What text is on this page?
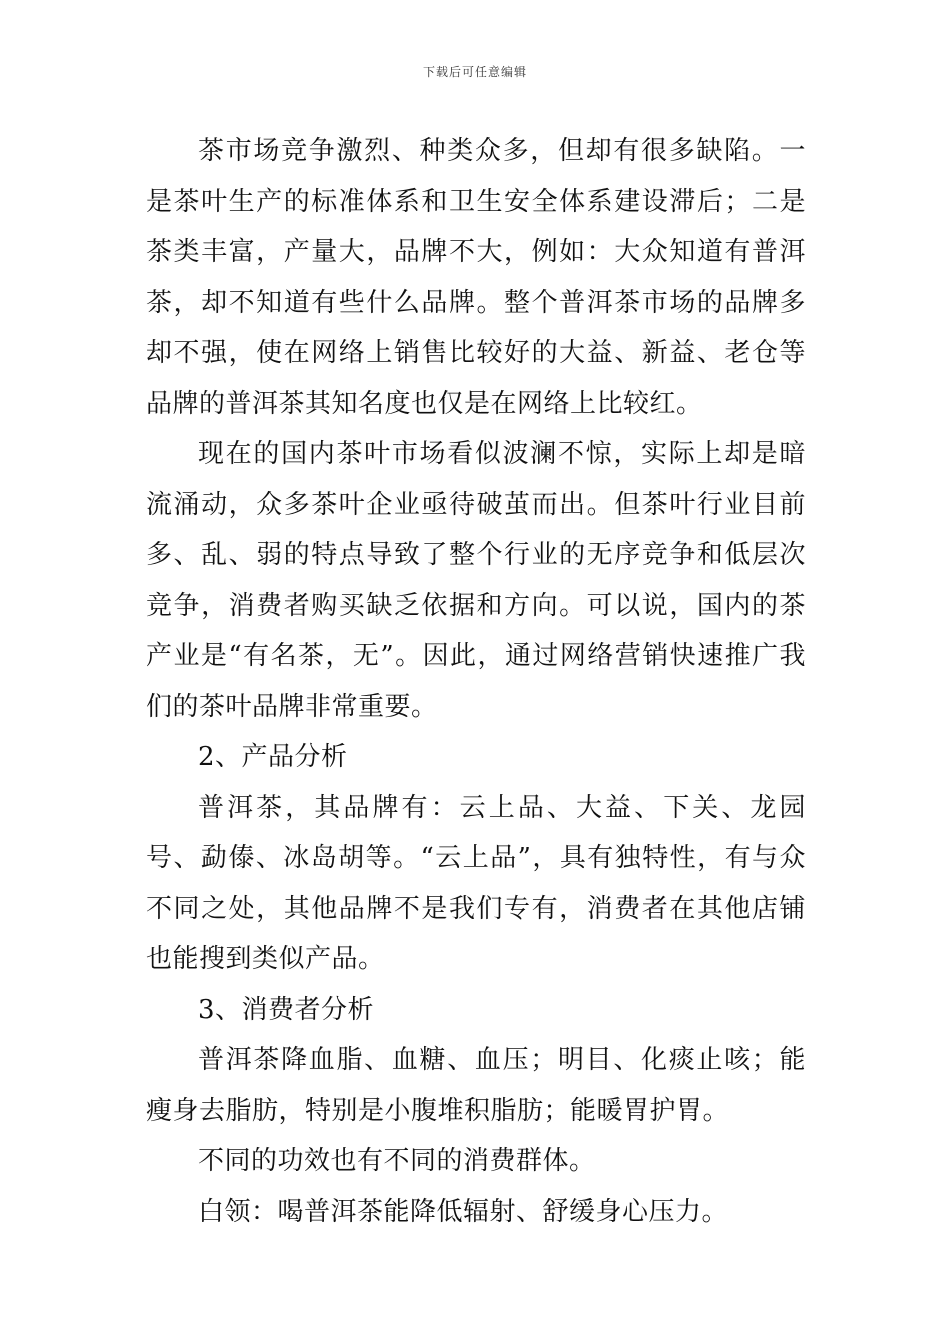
下载后可任意编辑

茶市场竞争激烈、种类众多，但却有很多缺陷。一是茶叶生产的标准体系和卫生安全体系建设滞后；二是茶类丰富，产量大，品牌不大，例如：大众知道有普洱茶，却不知道有些什么品牌。整个普洱茶市场的品牌多却不强，使在网络上销售比较好的大益、新益、老仓等品牌的普洱茶其知名度也仅是在网络上比较红。

现在的国内茶叶市场看似波澜不惊，实际上却是暗流涌动，众多茶叶企业亟待破茧而出。但茶叶行业目前多、乱、弱的特点导致了整个行业的无序竞争和低层次竞争，消费者购买缺乏依据和方向。可以说，国内的茶产业是“有名茶，无”。因此，通过网络营销快速推广我们的茶叶品牌非常重要。

2、产品分析

普洱茶，其品牌有：云上品、大益、下关、龙园号、勐傣、冰岛胡等。“云上品”，具有独特性，有与众不同之处，其他品牌不是我们专有，消费者在其他店铺也能搜到类似产品。

3、消费者分析

普洱茶降血脂、血糖、血压；明目、化痰止咳；能瘦身去脂肪，特别是小腹堆积脂肪；能暖胃护胃。

不同的功效也有不同的消费群体。

白领：喝普洱茶能降低辐射、舒缓身心压力。
